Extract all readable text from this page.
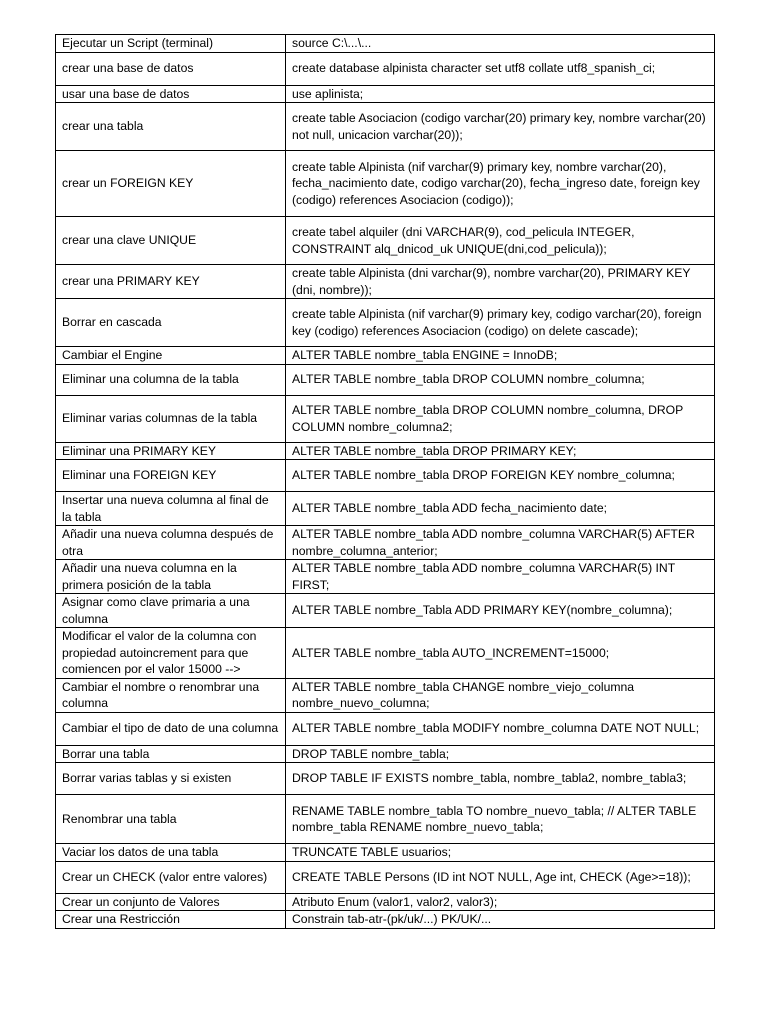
Ejecutar un Script (terminal)	source C:\...\...
crear una base de datos	create database alpinista character set utf8 collate utf8_spanish_ci;
usar una base de datos	use aplinista;
crear una tabla	create table Asociacion (codigo varchar(20) primary key, nombre varchar(20) not null, unicacion varchar(20));
crear un FOREIGN KEY	create table Alpinista (nif varchar(9) primary key, nombre varchar(20), fecha_nacimiento date, codigo varchar(20), fecha_ingreso date, foreign key (codigo) references Asociacion (codigo));
crear una clave UNIQUE	create tabel alquiler (dni VARCHAR(9), cod_pelicula INTEGER, CONSTRAINT alq_dnicod_uk UNIQUE(dni,cod_pelicula));
crear una PRIMARY KEY	create table Alpinista (dni varchar(9), nombre varchar(20), PRIMARY KEY (dni, nombre));
Borrar en cascada	create table Alpinista (nif varchar(9) primary key, codigo varchar(20), foreign key (codigo) references Asociacion (codigo) on delete cascade);
Cambiar el Engine	ALTER TABLE nombre_tabla ENGINE = InnoDB;
Eliminar una columna de la tabla	ALTER TABLE nombre_tabla DROP COLUMN nombre_columna;
Eliminar varias columnas de la tabla	ALTER TABLE nombre_tabla DROP COLUMN nombre_columna, DROP COLUMN nombre_columna2;
Eliminar una PRIMARY KEY	ALTER TABLE nombre_tabla DROP PRIMARY KEY;
Eliminar una FOREIGN KEY	ALTER TABLE nombre_tabla DROP FOREIGN KEY nombre_columna;
Insertar una nueva columna al final de la tabla	ALTER TABLE nombre_tabla ADD fecha_nacimiento date;
Añadir una nueva columna después de otra	ALTER TABLE nombre_tabla ADD nombre_columna VARCHAR(5) AFTER nombre_columna_anterior;
Añadir una nueva columna en la primera posición de la tabla	ALTER TABLE nombre_tabla ADD nombre_columna VARCHAR(5) INT FIRST;
Asignar como clave primaria a una columna	ALTER TABLE nombre_Tabla ADD PRIMARY KEY(nombre_columna);
Modificar el valor de la columna con propiedad autoincrement para que comiencen por el valor 15000 -->	ALTER TABLE nombre_tabla AUTO_INCREMENT=15000;
Cambiar el nombre o renombrar una columna	ALTER TABLE nombre_tabla CHANGE nombre_viejo_columna nombre_nuevo_columna;
Cambiar el tipo de dato de una columna	ALTER TABLE nombre_tabla MODIFY nombre_columna DATE NOT NULL;
Borrar una tabla	DROP TABLE nombre_tabla;
Borrar varias tablas y si existen	DROP TABLE IF EXISTS nombre_tabla, nombre_tabla2, nombre_tabla3;
Renombrar una tabla	RENAME TABLE nombre_tabla TO nombre_nuevo_tabla; // ALTER TABLE nombre_tabla RENAME nombre_nuevo_tabla;
Vaciar los datos de una tabla	TRUNCATE TABLE usuarios;
Crear un CHECK (valor entre valores)	CREATE TABLE Persons (ID int NOT NULL, Age int, CHECK (Age>=18));
Crear un conjunto de Valores	Atributo Enum (valor1, valor2, valor3);
Crear una Restricción	Constrain tab-atr-(pk/uk/...) PK/UK/...
